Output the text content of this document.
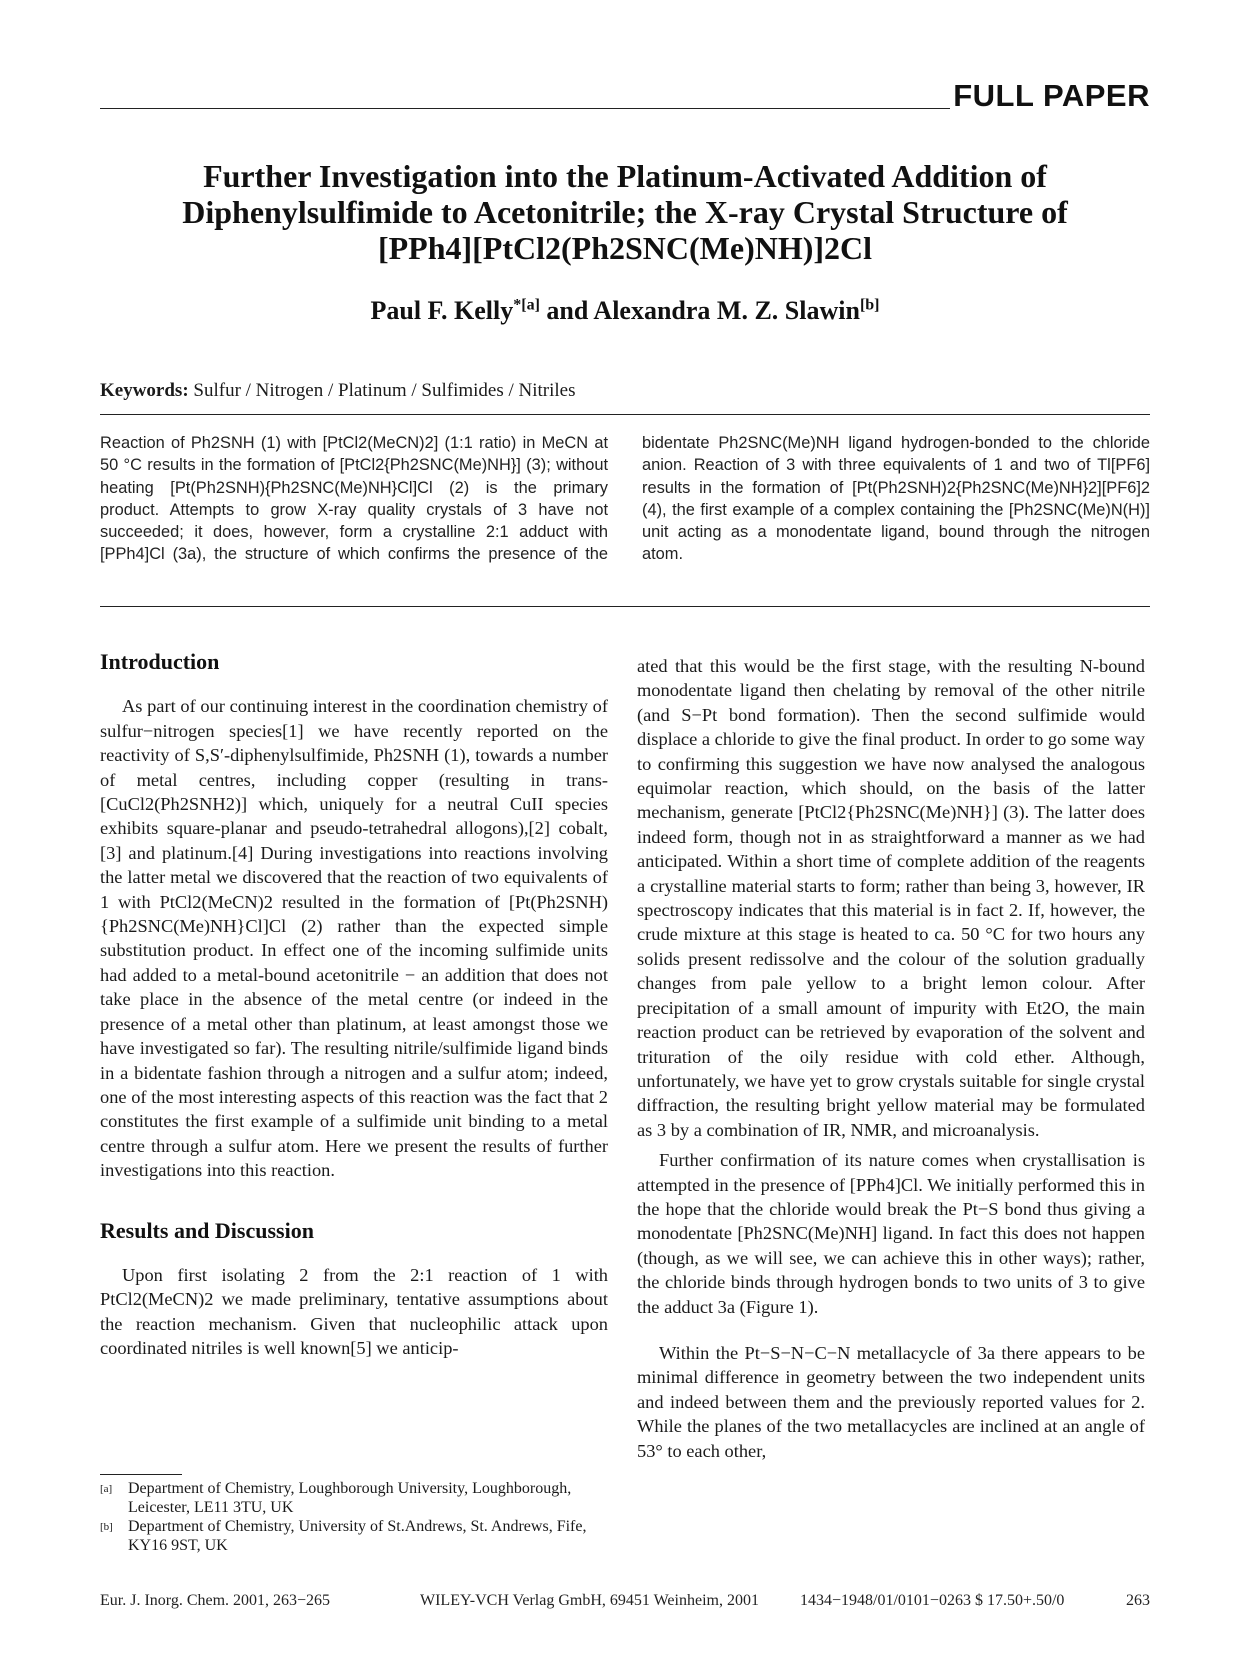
FULL PAPER
Further Investigation into the Platinum-Activated Addition of
Diphenylsulfimide to Acetonitrile; the X-ray Crystal Structure of
[PPh4][PtCl2(Ph2SNC(Me)NH)]2Cl
Paul F. Kelly$^{*[a]}$ and Alexandra M. Z. Slawin[b]
Keywords: Sulfur / Nitrogen / Platinum / Sulfimides / Nitriles
Reaction of Ph2SNH (1) with [PtCl2(MeCN)2] (1:1 ratio) in MeCN at 50 °C results in the formation of [PtCl2{Ph2SNC(Me)NH}] (3); without heating [Pt(Ph2SNH){Ph2SNC(Me)NH}Cl]Cl (2) is the primary product. Attempts to grow X-ray quality crystals of 3 have not succeeded; it does, however, form a crystalline 2:1 adduct with [PPh4]Cl (3a), the structure of which confirms the presence of the bidentate Ph2SNC(Me)NH ligand hydrogen-bonded to the chloride anion. Reaction of 3 with three equivalents of 1 and two of Tl[PF6] results in the formation of [Pt(Ph2SNH)2{Ph2SNC(Me)NH}2][PF6]2 (4), the first example of a complex containing the [Ph2SNC(Me)N(H)] unit acting as a monodentate ligand, bound through the nitrogen atom.
Introduction

As part of our continuing interest in the coordination chemistry of sulfur−nitrogen species[1] we have recently reported on the reactivity of S,S′-diphenylsulfimide, Ph2SNH (1), towards a number of metal centres, including copper (resulting in trans-[CuCl2(Ph2SNH2)] which, uniquely for a neutral CuII species exhibits square-planar and pseudo-tetrahedral allogons),[2] cobalt,[3] and platinum.[4] During investigations into reactions involving the latter metal we discovered that the reaction of two equivalents of 1 with PtCl2(MeCN)2 resulted in the formation of [Pt(Ph2SNH){Ph2SNC(Me)NH}Cl]Cl (2) rather than the expected simple substitution product. In effect one of the incoming sulfimide units had added to a metal-bound acetonitrile − an addition that does not take place in the absence of the metal centre (or indeed in the presence of a metal other than platinum, at least amongst those we have investigated so far). The resulting nitrile/sulfimide ligand binds in a bidentate fashion through a nitrogen and a sulfur atom; indeed, one of the most interesting aspects of this reaction was the fact that 2 constitutes the first example of a sulfimide unit binding to a metal centre through a sulfur atom. Here we present the results of further investigations into this reaction.

Results and Discussion

Upon first isolating 2 from the 2:1 reaction of 1 with PtCl2(MeCN)2 we made preliminary, tentative assumptions about the reaction mechanism. Given that nucleophilic attack upon coordinated nitriles is well known[5] we anticip-

ated that this would be the first stage, with the resulting N-bound monodentate ligand then chelating by removal of the other nitrile (and S−Pt bond formation). Then the second sulfimide would displace a chloride to give the final product. In order to go some way to confirming this suggestion we have now analysed the analogous equimolar reaction, which should, on the basis of the latter mechanism, generate [PtCl2{Ph2SNC(Me)NH}] (3). The latter does indeed form, though not in as straightforward a manner as we had anticipated. Within a short time of complete addition of the reagents a crystalline material starts to form; rather than being 3, however, IR spectroscopy indicates that this material is in fact 2. If, however, the crude mixture at this stage is heated to ca. 50 °C for two hours any solids present redissolve and the colour of the solution gradually changes from pale yellow to a bright lemon colour. After precipitation of a small amount of impurity with Et2O, the main reaction product can be retrieved by evaporation of the solvent and trituration of the oily residue with cold ether. Although, unfortunately, we have yet to grow crystals suitable for single crystal diffraction, the resulting bright yellow material may be formulated as 3 by a combination of IR, NMR, and microanalysis.

Further confirmation of its nature comes when crystallisation is attempted in the presence of [PPh4]Cl. We initially performed this in the hope that the chloride would break the Pt−S bond thus giving a monodentate [Ph2SNC(Me)NH] ligand. In fact this does not happen (though, as we will see, we can achieve this in other ways); rather, the chloride binds through hydrogen bonds to two units of 3 to give the adduct 3a (Figure 1).

Within the Pt−S−N−C−N metallacycle of 3a there appears to be minimal difference in geometry between the two independent units and indeed between them and the previously reported values for 2. While the planes of the two metallacycles are inclined at an angle of 53° to each other,

[a] Department of Chemistry, Loughborough University, Loughborough, Leicester, LE11 3TU, UK
[b] Department of Chemistry, University of St.Andrews, St. Andrews, Fife, KY16 9ST, UK
Eur. J. Inorg. Chem. 2001, 263−265	WILEY-VCH Verlag GmbH, 69451 Weinheim, 2001	1434−1948/01/0101−0263 $ 17.50+.50/0	263
